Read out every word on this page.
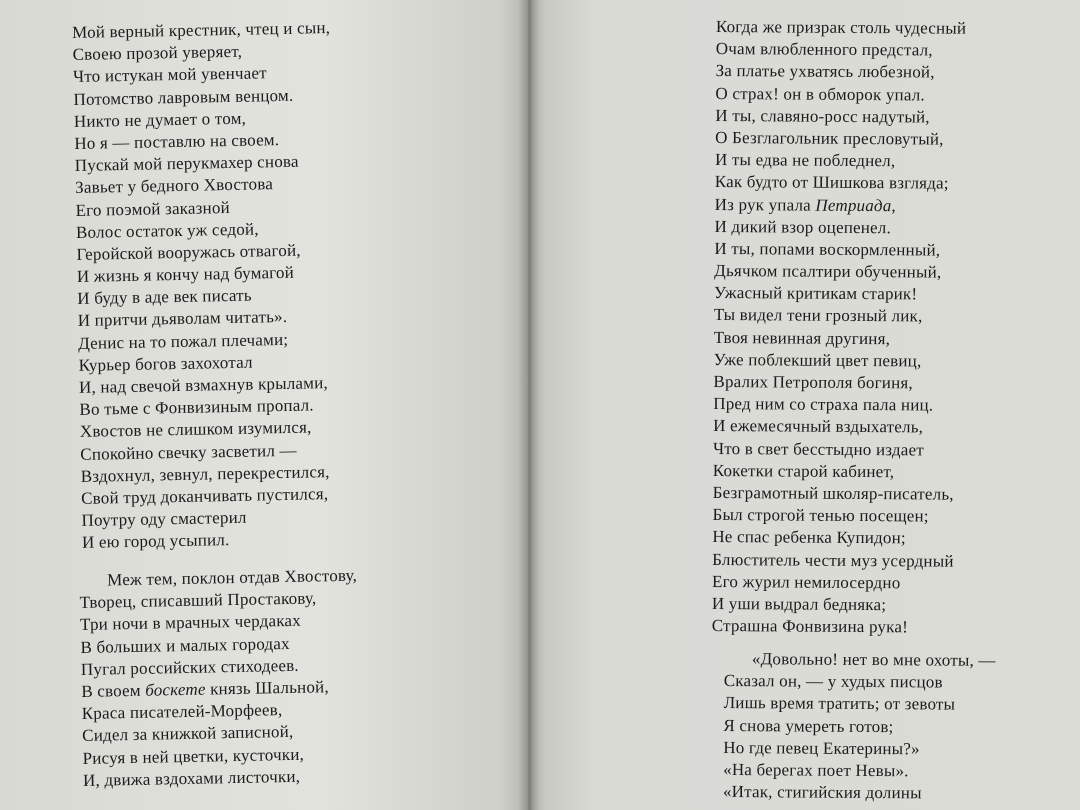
Мой верный крестник, чтец и сын,
Своею прозой уверяет,
Что истукан мой увенчает
Потомство лавровым венцом.
Никто не думает о том,
Но я — поставлю на своем.
Пускай мой перукмахер снова
Завьет у бедного Хвостова
Его поэмой заказной
Волос остаток уж седой,
Геройской вооружась отвагой,
И жизнь я кончу над бумагой
И буду в аде век писать
И притчи дьяволам читать».
Денис на то пожал плечами;
Курьер богов захохотал
И, над свечой взмахнув крылами,
Во тьме с Фонвизиным пропал.
Хвостов не слишком изумился,
Спокойно свечку засветил —
Вздохнул, зевнул, перекрестился,
Свой труд доканчивать пустился,
Поутру оду смастерил
И ею город усыпил.
Меж тем, поклон отдав Хвостову,
Творец, списавший Простакову,
Три ночи в мрачных чердаках
В больших и малых городах
Пугал российских стиходеев.
В своем боскете князь Шальной,
Краса писателей-Морфеев,
Сидел за книжкой записной,
Рисуя в ней цветки, кусточки,
И, движа вздохами листочки,
Когда же призрак столь чудесный
Очам влюбленного предстал,
За платье ухватясь любезной,
О страх! он в обморок упал.
И ты, славяно-росс надутый,
О Безглагольник пресловутый,
И ты едва не побледнел,
Как будто от Шишкова взгляда;
Из рук упала Петриада,
И дикий взор оцепенел.
И ты, попами воскормленный,
Дьячком псалтири обученный,
Ужасный критикам старик!
Ты видел тени грозный лик,
Твоя невинная другиня,
Уже поблекший цвет певиц,
Вралих Петрополя богиня,
Пред ним со страха пала ниц.
И ежемесячный вздыхатель,
Что в свет бесстыдно издает
Кокетки старой кабинет,
Безграмотный школяр-писатель,
Был строгой тенью посещен;
Не спас ребенка Купидон;
Блюститель чести муз усердный
Его журил немилосердно
И уши выдрал бедняка;
Страшна Фонвизина рука!
«Довольно! нет во мне охоты, —
Сказал он, — у худых писцов
Лишь время тратить; от зевоты
Я снова умереть готов;
Но где певец Екатерины?»
«На берегах поет Невы».
«Итак, стигийския долины
